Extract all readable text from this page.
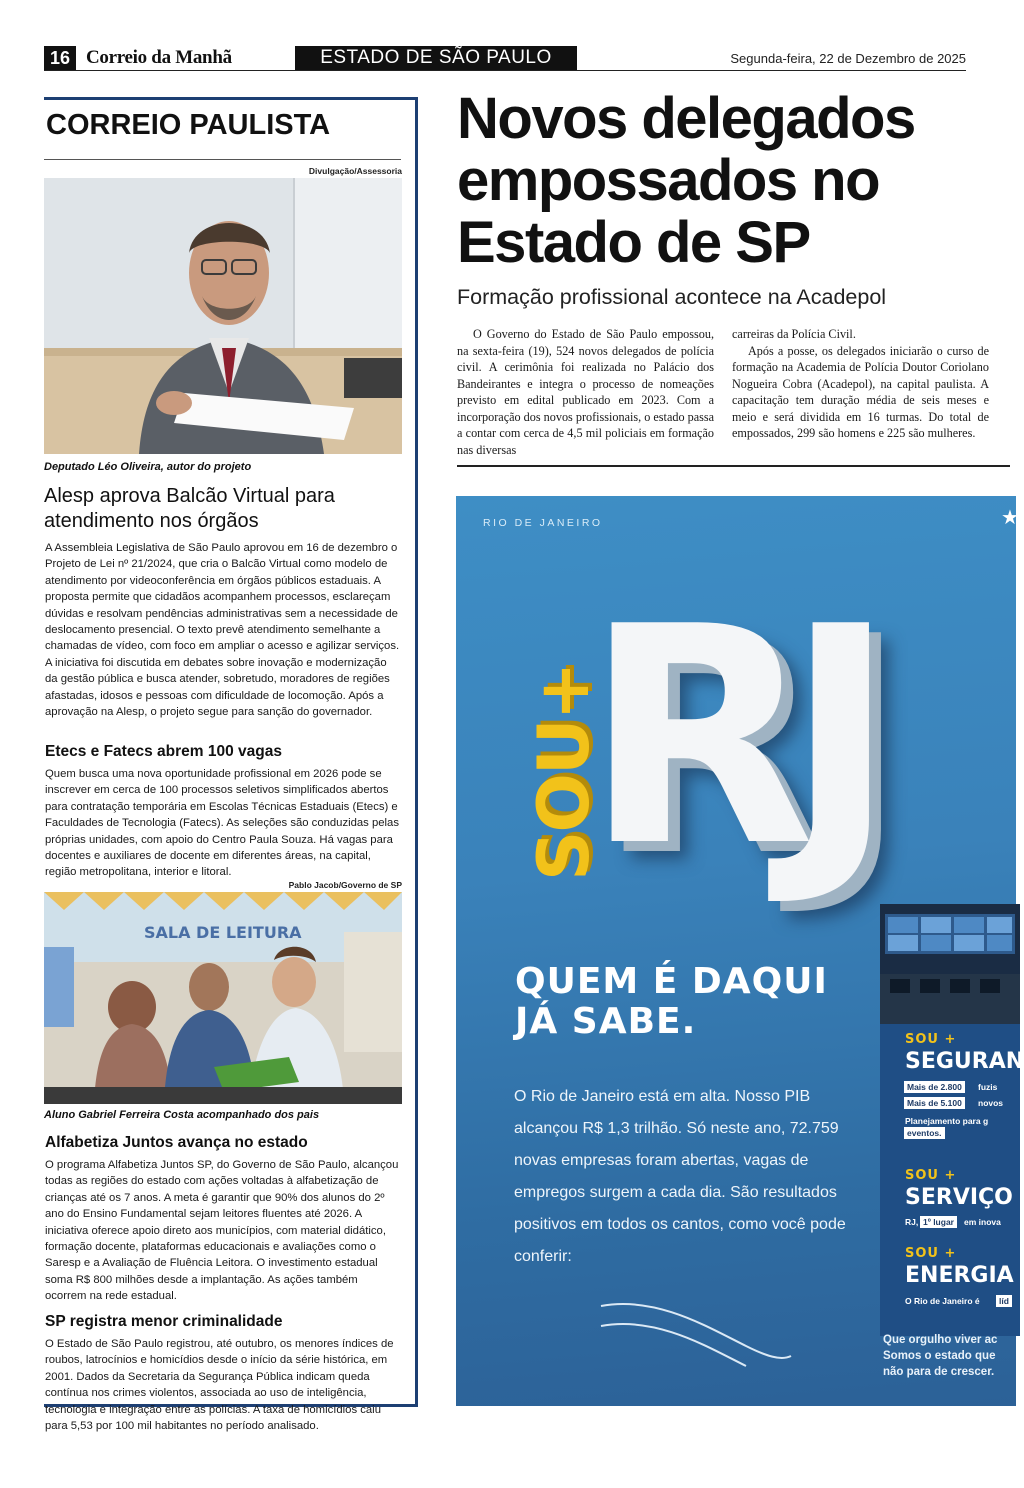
16 Correio da Manhã	ESTADO DE SÃO PAULO	Segunda-feira, 22 de Dezembro de 2025
CORREIO PAULISTA
Divulgação/Assessoria
Deputado Léo Oliveira, autor do projeto
Alesp aprova Balcão Virtual para atendimento nos órgãos
A Assembleia Legislativa de São Paulo aprovou em 16 de dezembro o Projeto de Lei nº 21/2024, que cria o Balcão Virtual como modelo de atendimento por videoconferência em órgãos públicos estaduais. A proposta permite que cidadãos acompanhem processos, esclareçam dúvidas e resolvam pendências administrativas sem a necessidade de deslocamento presencial. O texto prevê atendimento semelhante a chamadas de vídeo, com foco em ampliar o acesso e agilizar serviços. A iniciativa foi discutida em debates sobre inovação e modernização da gestão pública e busca atender, sobretudo, moradores de regiões afastadas, idosos e pessoas com dificuldade de locomoção. Após a aprovação na Alesp, o projeto segue para sanção do governador.
Etecs e Fatecs abrem 100 vagas
Quem busca uma nova oportunidade profissional em 2026 pode se inscrever em cerca de 100 processos seletivos simplificados abertos para contratação temporária em Escolas Técnicas Estaduais (Etecs) e Faculdades de Tecnologia (Fatecs). As seleções são conduzidas pelas próprias unidades, com apoio do Centro Paula Souza. Há vagas para docentes e auxiliares de docente em diferentes áreas, na capital, região metropolitana, interior e litoral.
Pablo Jacob/Governo de SP
SALA DE LEITURA
Aluno Gabriel Ferreira Costa acompanhado dos pais
Alfabetiza Juntos avança no estado
O programa Alfabetiza Juntos SP, do Governo de São Paulo, alcançou todas as regiões do estado com ações voltadas à alfabetização de crianças até os 7 anos. A meta é garantir que 90% dos alunos do 2º ano do Ensino Fundamental sejam leitores fluentes até 2026. A iniciativa oferece apoio direto aos municípios, com material didático, formação docente, plataformas educacionais e avaliações como o Saresp e a Avaliação de Fluência Leitora. O investimento estadual soma R$ 800 milhões desde a implantação. As ações também ocorrem na rede estadual.
SP registra menor criminalidade
O Estado de São Paulo registrou, até outubro, os menores índices de roubos, latrocínios e homicídios desde o início da série histórica, em 2001. Dados da Secretaria da Segurança Pública indicam queda contínua nos crimes violentos, associada ao uso de inteligência, tecnologia e integração entre as polícias. A taxa de homicídios caiu para 5,53 por 100 mil habitantes no período analisado.
Novos delegados empossados no Estado de SP
Formação profissional acontece na Acadepol
O Governo do Estado de São Paulo empossou, na sexta-feira (19), 524 novos delegados de polícia civil. A cerimônia foi realizada no Palácio dos Bandeirantes e integra o processo de nomeações previsto em edital publicado em 2023. Com a incorporação dos novos profissionais, o estado passa a contar com cerca de 4,5 mil policiais em formação nas diversas
carreiras da Polícia Civil.
Após a posse, os delegados iniciarão o curso de formação na Academia de Polícia Doutor Coriolano Nogueira Cobra (Acadepol), na capital paulista. A capacitação tem duração média de seis meses e meio e será dividida em 16 turmas. Do total de empossados, 299 são homens e 225 são mulheres.
RIO DE JANEIRO	★
RJ
SOU+
QUEM É DAQUI
JÁ SABE.
O Rio de Janeiro está em alta. Nosso PIB alcançou R$ 1,3 trilhão. Só neste ano, 72.759 novas empresas foram abertas, vagas de empregos surgem a cada dia. São resultados positivos em todos os cantos, como você pode conferir:
SOU +
SEGURAN
Mais de 2.800	fuzis
Mais de 5.100	novos
Planejamento para g
eventos.
SOU +
SERVIÇO
RJ, 1º lugar	em inova
SOU +
ENERGIA
O Rio de Janeiro é	líd
Que orgulho viver ac
Somos o estado que
não para de crescer.
